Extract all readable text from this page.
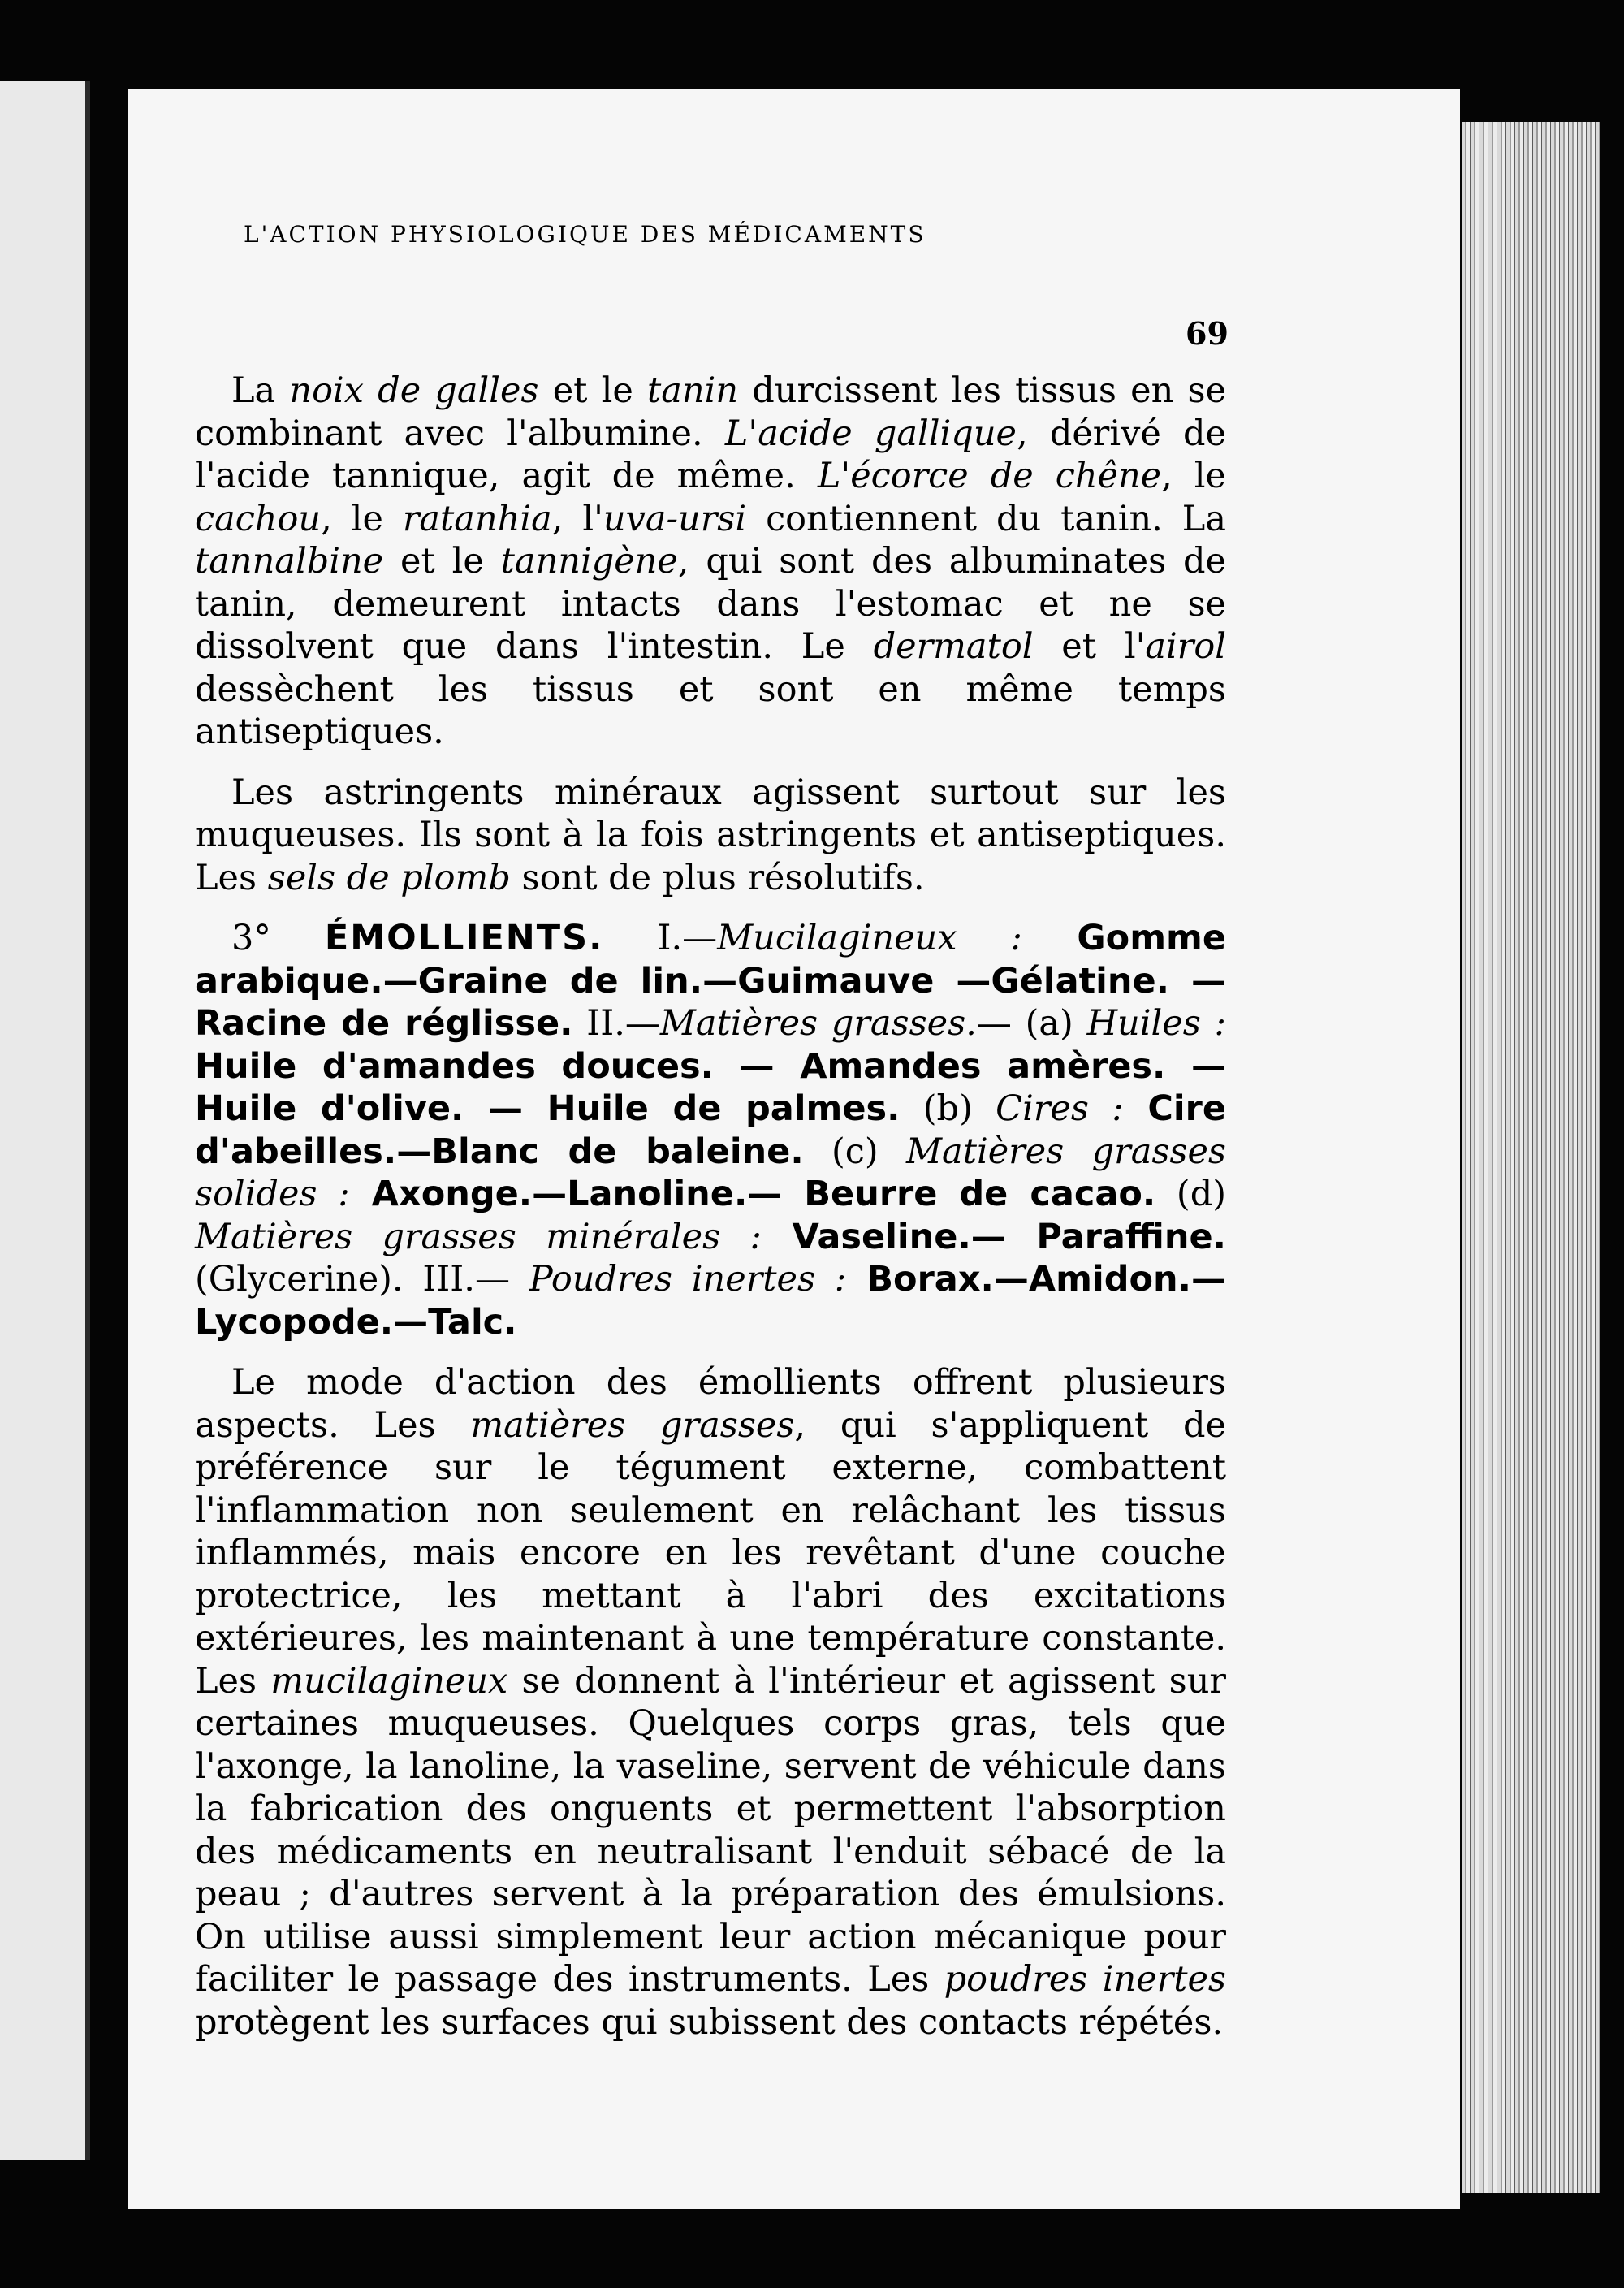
L'ACTION PHYSIOLOGIQUE DES MÉDICAMENTS
69

La noix de galles et le tanin durcissent les tissus en se combinant avec l'albumine. L'acide gallique, dérivé de l'acide tannique, agit de même. L'écorce de chêne, le cachou, le ratanhia, l'uva-ursi contiennent du tanin. La tannalbine et le tannigène, qui sont des albuminates de tanin, demeurent intacts dans l'estomac et ne se dissolvent que dans l'intestin. Le dermatol et l'airol dessèchent les tissus et sont en même temps antiseptiques.

Les astringents minéraux agissent surtout sur les muqueuses. Ils sont à la fois astringents et antiseptiques. Les sels de plomb sont de plus résolutifs.

3° ÉMOLLIENTS. I.—Mucilagineux : Gomme arabique.—Graine de lin.—Guimauve —Gélatine. — Racine de réglisse. II.—Matières grasses.— (a) Huiles : Huile d'amandes douces. — Amandes amères. — Huile d'olive. — Huile de palmes. (b) Cires : Cire d'abeilles.—Blanc de baleine. (c) Matières grasses solides : Axonge.—Lanoline.— Beurre de cacao. (d) Matières grasses minérales : Vaseline.— Paraffine. (Glycerine). III.— Poudres inertes : Borax.—Amidon.—Lycopode.—Talc.

Le mode d'action des émollients offrent plusieurs aspects. Les matières grasses, qui s'appliquent de préférence sur le tégument externe, combattent l'inflammation non seulement en relâchant les tissus inflammés, mais encore en les revêtant d'une couche protectrice, les mettant à l'abri des excitations extérieures, les maintenant à une température constante. Les mucilagineux se donnent à l'intérieur et agissent sur certaines muqueuses. Quelques corps gras, tels que l'axonge, la lanoline, la vaseline, servent de véhicule dans la fabrication des onguents et permettent l'absorption des médicaments en neutralisant l'enduit sébacé de la peau ; d'autres servent à la préparation des émulsions. On utilise aussi simplement leur action mécanique pour faciliter le passage des instruments. Les poudres inertes protègent les surfaces qui subissent des contacts répétés.
